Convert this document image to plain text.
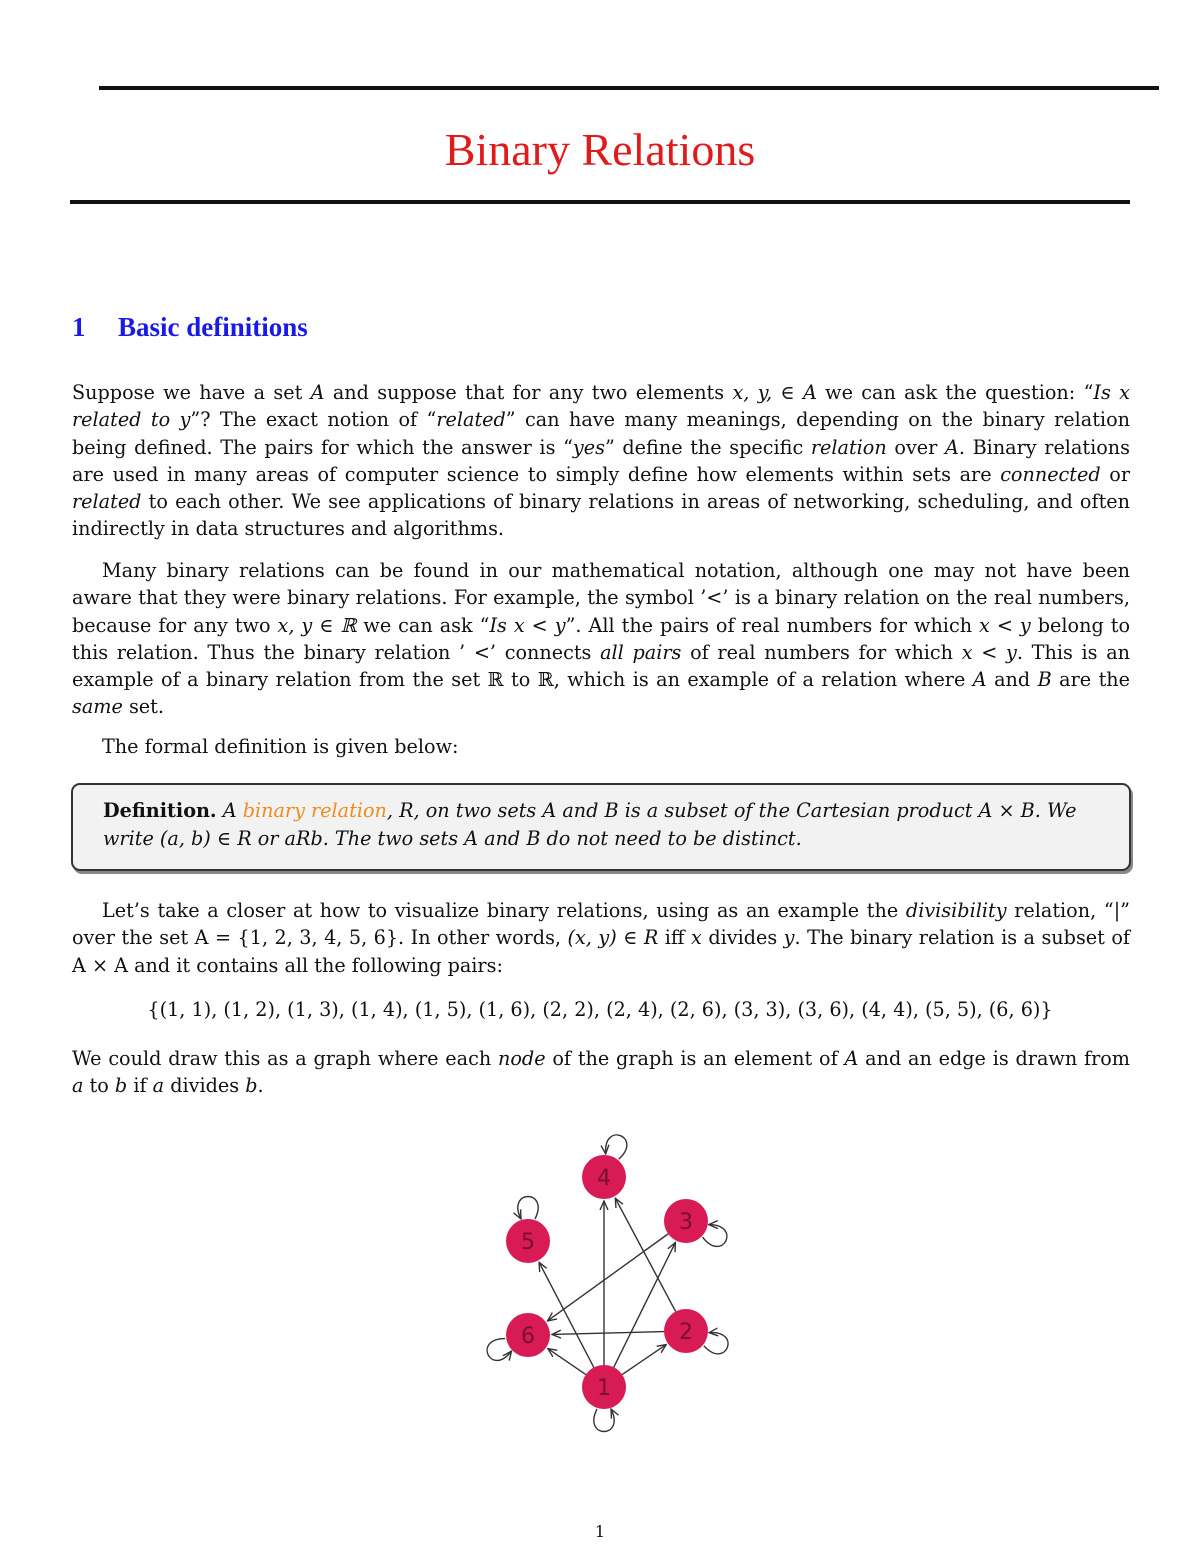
Binary Relations
1 Basic definitions
Suppose we have a set A and suppose that for any two elements x, y, ∈ A we can ask the question: “Is x related to y”? The exact notion of “related” can have many meanings, depending on the binary relation being defined. The pairs for which the answer is “yes” define the specific relation over A. Binary relations are used in many areas of computer science to simply define how elements within sets are connected or related to each other. We see applications of binary relations in areas of networking, scheduling, and often indirectly in data structures and algorithms.
Many binary relations can be found in our mathematical notation, although one may not have been aware that they were binary relations. For example, the symbol ’<’ is a binary relation on the real numbers, because for any two x, y ∈ ℝ we can ask “Is x < y”. All the pairs of real numbers for which x < y belong to this relation. Thus the binary relation ’ <’ connects all pairs of real numbers for which x < y. This is an example of a binary relation from the set ℝ to ℝ, which is an example of a relation where A and B are the same set.
The formal definition is given below:
Definition. A binary relation, R, on two sets A and B is a subset of the Cartesian product A × B. We write (a, b) ∈ R or aRb. The two sets A and B do not need to be distinct.
Let’s take a closer at how to visualize binary relations, using as an example the divisibility relation, “|” over the set A = {1, 2, 3, 4, 5, 6}. In other words, (x, y) ∈ R iff x divides y. The binary relation is a subset of A × A and it contains all the following pairs:
{(1, 1), (1, 2), (1, 3), (1, 4), (1, 5), (1, 6), (2, 2), (2, 4), (2, 6), (3, 3), (3, 6), (4, 4), (5, 5), (6, 6)}
We could draw this as a graph where each node of the graph is an element of A and an edge is drawn from a to b if a divides b.
1
2
3
4
5
6
1
